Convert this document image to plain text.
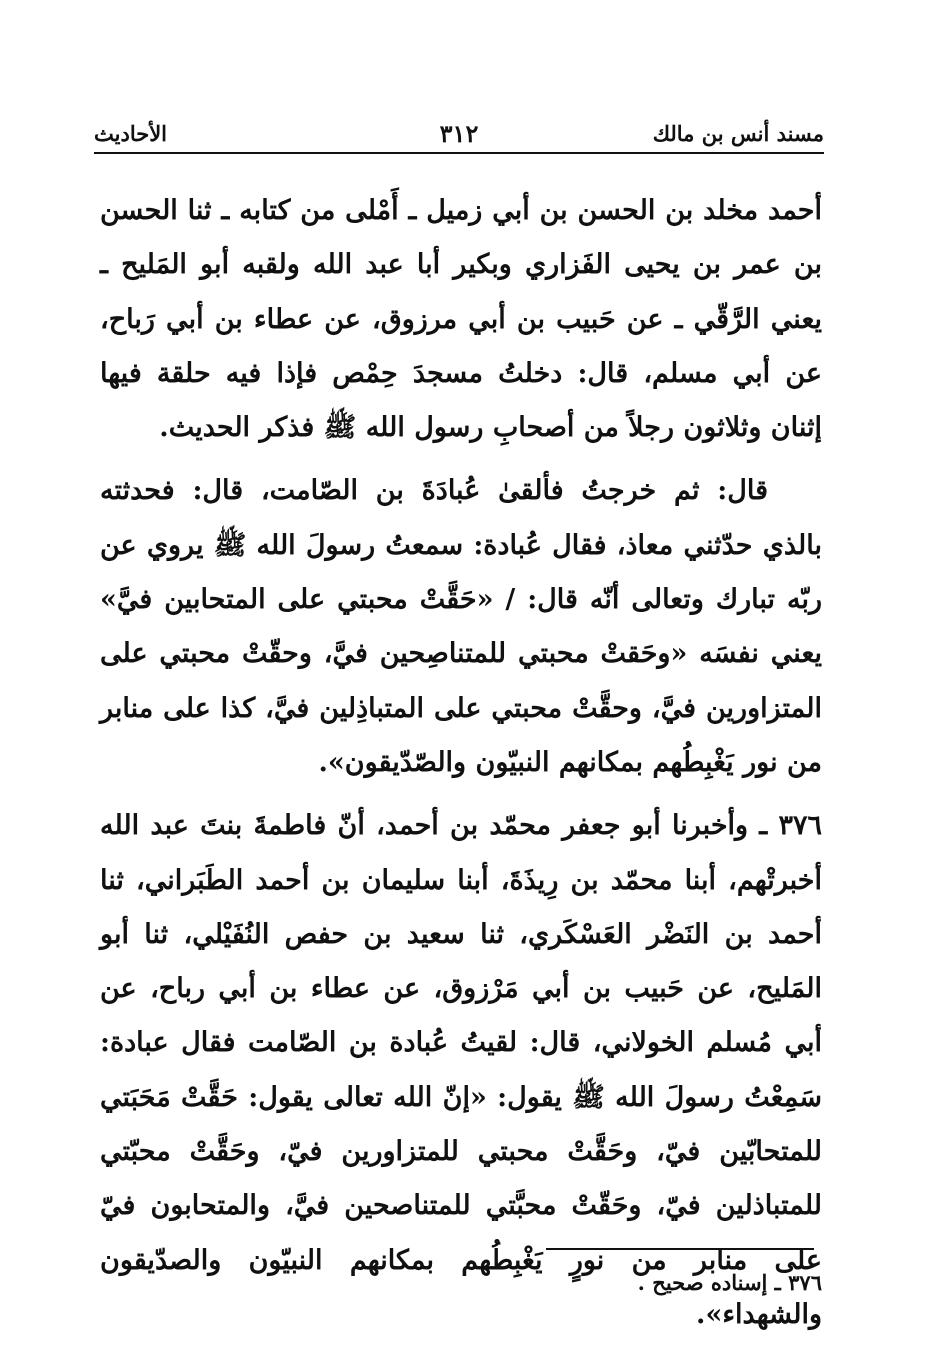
مسند أنس بن مالك
٣١٢
الأحاديث

أحمد مخلد بن الحسن بن أبي زميل ـ أَمْلى من كتابه ـ ثنا الحسن بن عمر بن يحيى الفَزاري وبكير أبا عبد الله ولقبه أبو المَليح ـ يعني الرَّقّي ـ عن حَبيب بن أبي مرزوق، عن عطاء بن أبي رَباح، عن أبي مسلم، قال: دخلتُ مسجدَ حِمْص فإذا فيه حلقة فيها إثنان وثلاثون رجلاً من أصحابِ رسول الله ﷺ فذكر الحديث.

قال: ثم خرجتُ فألقىٰ عُبادَةَ بن الصّامت، قال: فحدثته بالذي حدّثني معاذ، فقال عُبادة: سمعتُ رسولَ الله ﷺ يروي عن ربّه تبارك وتعالى أنّه قال: / «حَقَّتْ محبتي على المتحابين فيَّ» يعني نفسَه «وحَقتْ محبتي للمتناصِحين فيَّ، وحقّتْ محبتي على المتزاورين فيَّ، وحقَّتْ محبتي على المتباذِلين فيَّ، كذا على منابر من نور يَغْبِطُهم بمكانهم النبيّون والصّدّيقون».

٣٧٦ ـ وأخبرنا أبو جعفر محمّد بن أحمد، أنّ فاطمةَ بنتَ عبد الله أخبرتْهم، أبنا محمّد بن رِيذَةَ، أبنا سليمان بن أحمد الطَبَراني، ثنا أحمد بن النَضْر العَسْكَري، ثنا سعيد بن حفص النُفَيْلي، ثنا أبو المَليح، عن حَبيب بن أبي مَرْزوق، عن عطاء بن أبي رباح، عن أبي مُسلم الخولاني، قال: لقيتُ عُبادة بن الصّامت فقال عبادة: سَمِعْتُ رسولَ الله ﷺ يقول: «إنّ الله تعالى يقول: حَقَّتْ مَحَبَتي للمتحابّين فيّ، وحَقَّتْ محبتي للمتزاورين فيّ، وحَقَّتْ محبّتي للمتباذلين فيّ، وحَقّتْ محبَّتي للمتناصحين فيَّ، والمتحابون فيّ على منابر من نورٍ يَغْبِطُهم بمكانهم النبيّون والصدّيقون والشهداء».

٣٧٦ ـ إسناده صحيح .
